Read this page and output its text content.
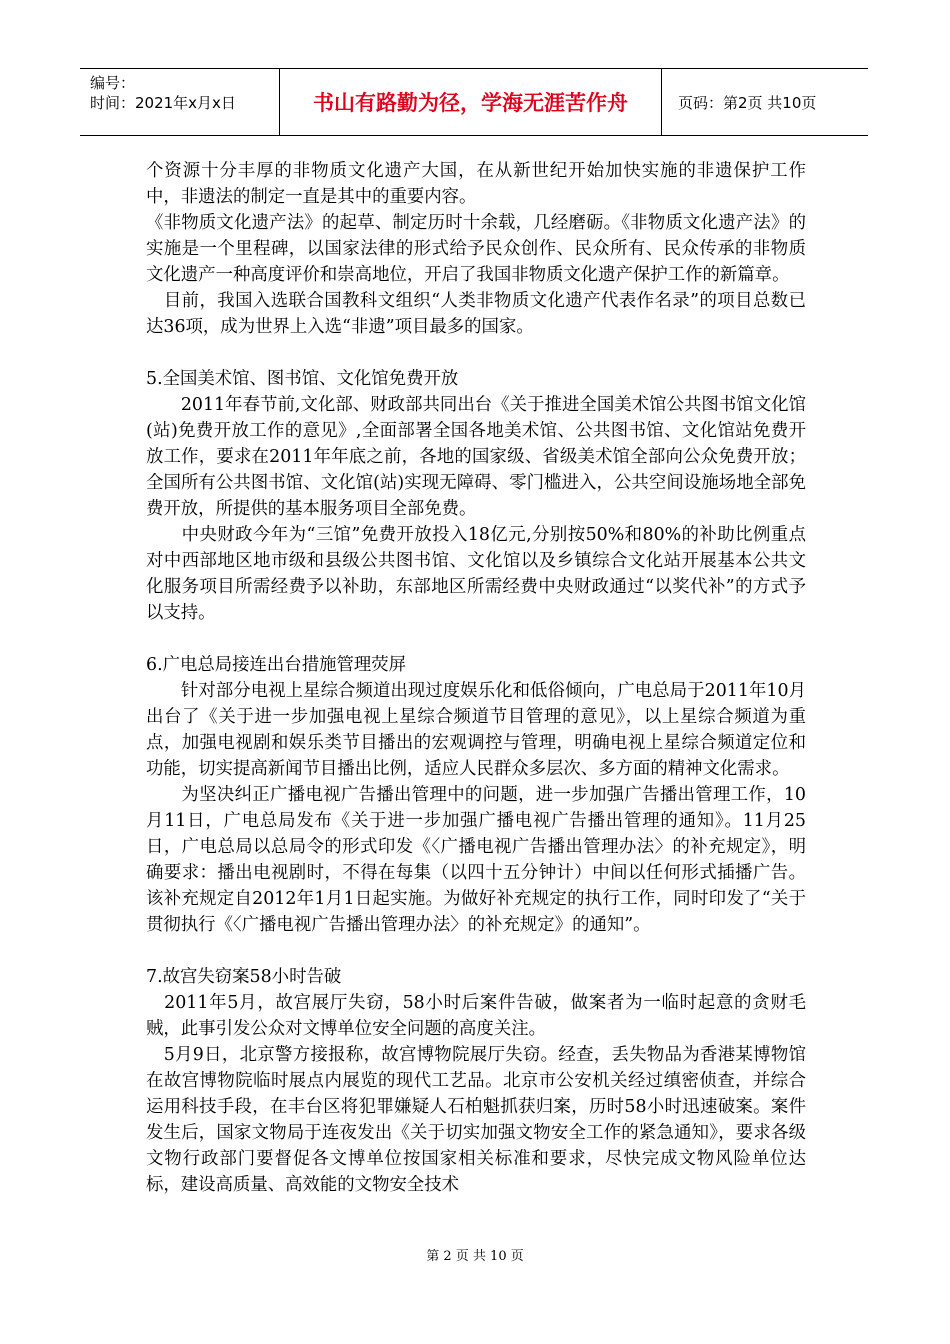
编号：
时间：2021年x月x日	书山有路勤为径，学海无涯苦作舟	页码：第2页 共10页

个资源十分丰厚的非物质文化遗产大国，在从新世纪开始加快实施的非遗保护工作中，非遗法的制定一直是其中的重要内容。

《非物质文化遗产法》的起草、制定历时十余载，几经磨砺。《非物质文化遗产法》的实施是一个里程碑，以国家法律的形式给予民众创作、民众所有、民众传承的非物质文化遗产一种高度评价和崇高地位，开启了我国非物质文化遗产保护工作的新篇章。

　目前，我国入选联合国教科文组织“人类非物质文化遗产代表作名录”的项目总数已达36项，成为世界上入选“非遗”项目最多的国家。

5.全国美术馆、图书馆、文化馆免费开放

　　2011年春节前,文化部、财政部共同出台《关于推进全国美术馆公共图书馆文化馆(站)免费开放工作的意见》,全面部署全国各地美术馆、公共图书馆、文化馆站免费开放工作，要求在2011年年底之前，各地的国家级、省级美术馆全部向公众免费开放；全国所有公共图书馆、文化馆(站)实现无障碍、零门槛进入，公共空间设施场地全部免费开放，所提供的基本服务项目全部免费。

　　中央财政今年为“三馆”免费开放投入18亿元,分别按50%和80%的补助比例重点对中西部地区地市级和县级公共图书馆、文化馆以及乡镇综合文化站开展基本公共文化服务项目所需经费予以补助，东部地区所需经费中央财政通过“以奖代补”的方式予以支持。

6.广电总局接连出台措施管理荧屏

　　针对部分电视上星综合频道出现过度娱乐化和低俗倾向，广电总局于2011年10月出台了《关于进一步加强电视上星综合频道节目管理的意见》，以上星综合频道为重点，加强电视剧和娱乐类节目播出的宏观调控与管理，明确电视上星综合频道定位和功能，切实提高新闻节目播出比例，适应人民群众多层次、多方面的精神文化需求。

　　为坚决纠正广播电视广告播出管理中的问题，进一步加强广告播出管理工作，10月11日，广电总局发布《关于进一步加强广播电视广告播出管理的通知》。11月25日，广电总局以总局令的形式印发《〈广播电视广告播出管理办法〉的补充规定》，明确要求：播出电视剧时，不得在每集（以四十五分钟计）中间以任何形式插播广告。该补充规定自2012年1月1日起实施。为做好补充规定的执行工作，同时印发了“关于贯彻执行《〈广播电视广告播出管理办法〉的补充规定》的通知”。

7.故宫失窃案58小时告破

　2011年5月，故宫展厅失窃，58小时后案件告破，做案者为一临时起意的贪财毛贼，此事引发公众对文博单位安全问题的高度关注。

　5月9日，北京警方接报称，故宫博物院展厅失窃。经查，丢失物品为香港某博物馆在故宫博物院临时展点内展览的现代工艺品。北京市公安机关经过缜密侦查，并综合运用科技手段，在丰台区将犯罪嫌疑人石柏魁抓获归案，历时58小时迅速破案。案件发生后，国家文物局于连夜发出《关于切实加强文物安全工作的紧急通知》，要求各级文物行政部门要督促各文博单位按国家相关标准和要求，尽快完成文物风险单位达标，建设高质量、高效能的文物安全技术

第 2 页 共 10 页
